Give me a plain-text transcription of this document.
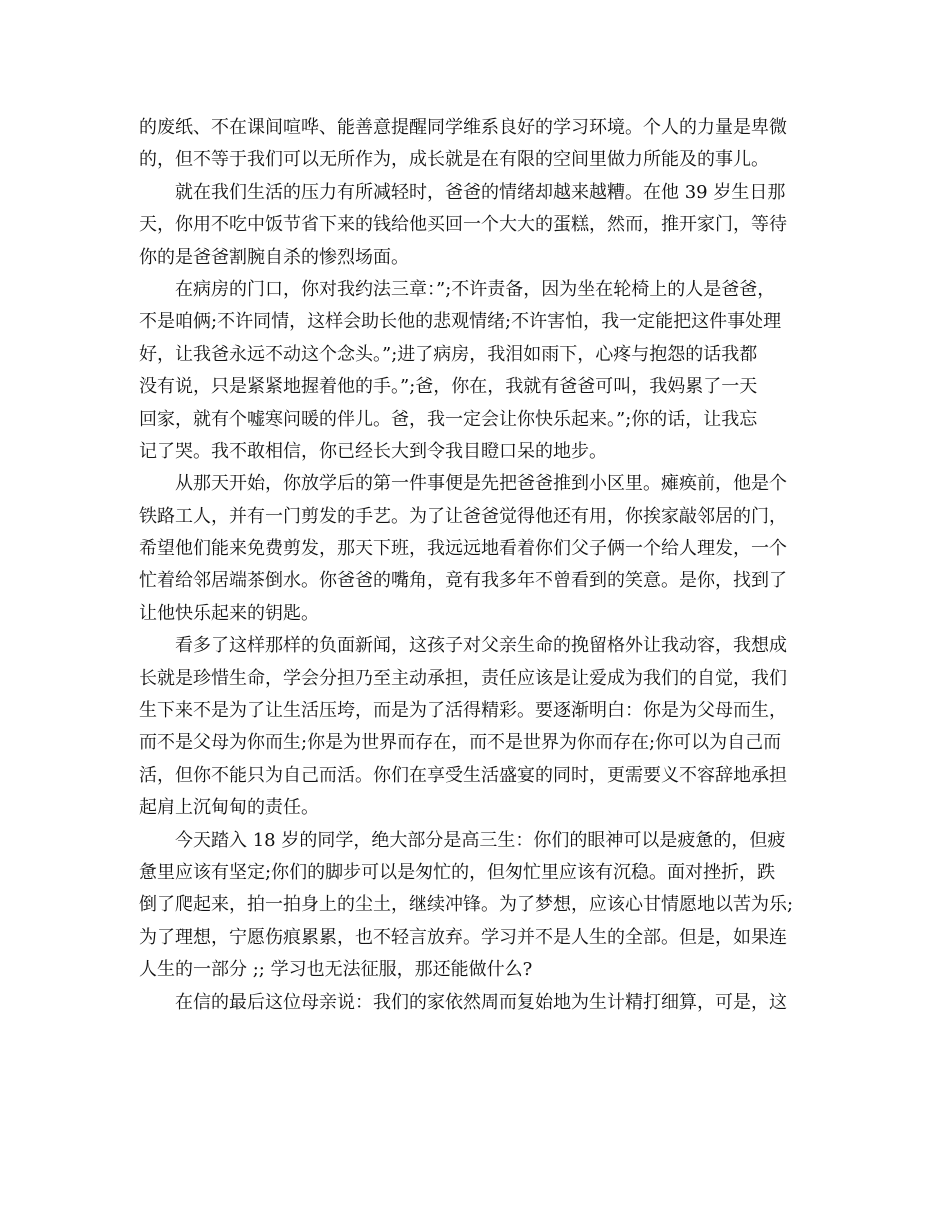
的废纸、不在课间喧哗、能善意提醒同学维系良好的学习环境。个人的力量是卑微
的，但不等于我们可以无所作为，成长就是在有限的空间里做力所能及的事儿。
就在我们生活的压力有所减轻时，爸爸的情绪却越来越糟。在他 39 岁生日那
天，你用不吃中饭节省下来的钱给他买回一个大大的蛋糕，然而，推开家门，等待
你的是爸爸割腕自杀的惨烈场面。
在病房的门口，你对我约法三章：”;不许责备，因为坐在轮椅上的人是爸爸，
不是咱俩;不许同情，这样会助长他的悲观情绪;不许害怕，我一定能把这件事处理
好，让我爸永远不动这个念头。”;进了病房，我泪如雨下，心疼与抱怨的话我都
没有说，只是紧紧地握着他的手。”;爸，你在，我就有爸爸可叫，我妈累了一天
回家，就有个嘘寒问暖的伴儿。爸，我一定会让你快乐起来。”;你的话，让我忘
记了哭。我不敢相信，你已经长大到令我目瞪口呆的地步。
从那天开始，你放学后的第一件事便是先把爸爸推到小区里。瘫痪前，他是个
铁路工人，并有一门剪发的手艺。为了让爸爸觉得他还有用，你挨家敲邻居的门，
希望他们能来免费剪发，那天下班，我远远地看着你们父子俩一个给人理发，一个
忙着给邻居端茶倒水。你爸爸的嘴角，竟有我多年不曾看到的笑意。是你，找到了
让他快乐起来的钥匙。
看多了这样那样的负面新闻，这孩子对父亲生命的挽留格外让我动容，我想成
长就是珍惜生命，学会分担乃至主动承担，责任应该是让爱成为我们的自觉，我们
生下来不是为了让生活压垮，而是为了活得精彩。要逐渐明白：你是为父母而生，
而不是父母为你而生;你是为世界而存在，而不是世界为你而存在;你可以为自己而
活，但你不能只为自己而活。你们在享受生活盛宴的同时，更需要义不容辞地承担
起肩上沉甸甸的责任。
今天踏入 18 岁的同学，绝大部分是高三生：你们的眼神可以是疲惫的，但疲
惫里应该有坚定;你们的脚步可以是匆忙的，但匆忙里应该有沉稳。面对挫折，跌
倒了爬起来，拍一拍身上的尘土，继续冲锋。为了梦想，应该心甘情愿地以苦为乐;
为了理想，宁愿伤痕累累，也不轻言放弃。学习并不是人生的全部。但是，如果连
人生的一部分 ;; 学习也无法征服，那还能做什么?
在信的最后这位母亲说：我们的家依然周而复始地为生计精打细算，可是，这
